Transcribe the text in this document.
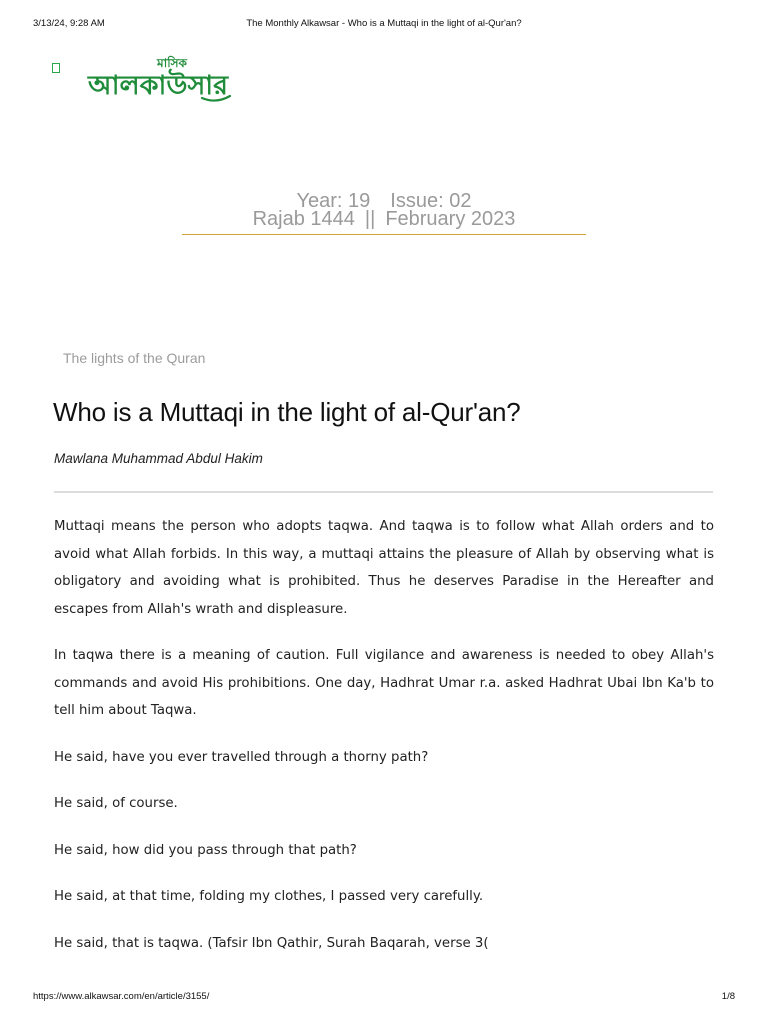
3/13/24, 9:28 AM	The Monthly Alkawsar - Who is a Muttaqi in the light of al-Qur'an?
মাসিক
আলকাউসার
Year: 19 Issue: 02
Rajab 1444 || February 2023
The lights of the Quran
Who is a Muttaqi in the light of al-Qur'an?
Mawlana Muhammad Abdul Hakim

Muttaqi means the person who adopts taqwa. And taqwa is to follow what Allah orders and to avoid what Allah forbids. In this way, a muttaqi attains the pleasure of Allah by observing what is obligatory and avoiding what is prohibited. Thus he deserves Paradise in the Hereafter and escapes from Allah's wrath and displeasure.

In taqwa there is a meaning of caution. Full vigilance and awareness is needed to obey Allah's commands and avoid His prohibitions. One day, Hadhrat Umar r.a. asked Hadhrat Ubai Ibn Ka'b to tell him about Taqwa.

He said, have you ever travelled through a thorny path?

He said, of course.

He said, how did you pass through that path?

He said, at that time, folding my clothes, I passed very carefully.

He said, that is taqwa. (Tafsir Ibn Qathir, Surah Baqarah, verse 3(

https://www.alkawsar.com/en/article/3155/	1/8
